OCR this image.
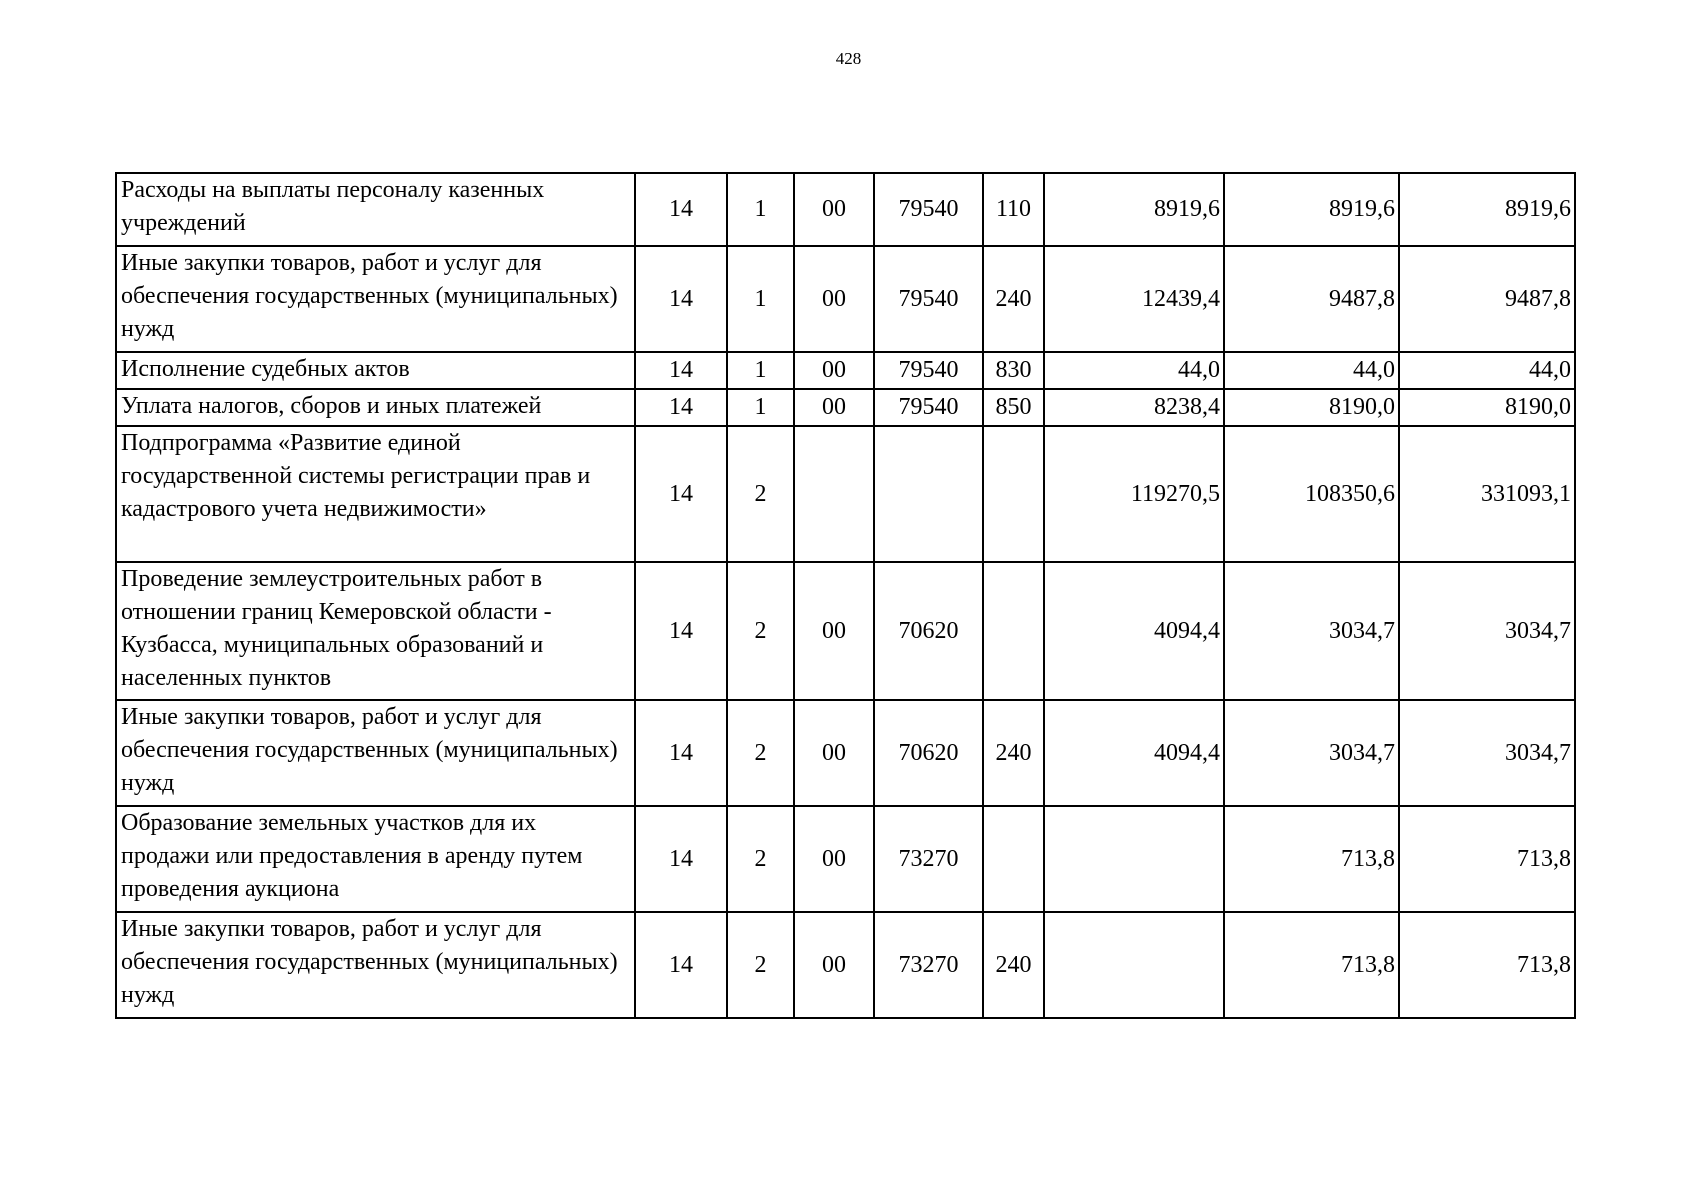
428
Расходы на выплаты персоналу казенных учреждений	14	1	00	79540	110	8919,6	8919,6	8919,6
Иные закупки товаров, работ и услуг для обеспечения государственных (муниципальных) нужд	14	1	00	79540	240	12439,4	9487,8	9487,8
Исполнение судебных актов	14	1	00	79540	830	44,0	44,0	44,0
Уплата налогов, сборов и иных платежей	14	1	00	79540	850	8238,4	8190,0	8190,0
Подпрограмма «Развитие единой государственной системы регистрации прав и кадастрового учета недвижимости»	14	2				119270,5	108350,6	331093,1
Проведение землеустроительных работ в отношении границ Кемеровской области - Кузбасса, муниципальных образований и населенных пунктов	14	2	00	70620		4094,4	3034,7	3034,7
Иные закупки товаров, работ и услуг для обеспечения государственных (муниципальных) нужд	14	2	00	70620	240	4094,4	3034,7	3034,7
Образование земельных участков для их продажи или предоставления в аренду путем проведения аукциона	14	2	00	73270			713,8	713,8
Иные закупки товаров, работ и услуг для обеспечения государственных (муниципальных) нужд	14	2	00	73270	240		713,8	713,8
